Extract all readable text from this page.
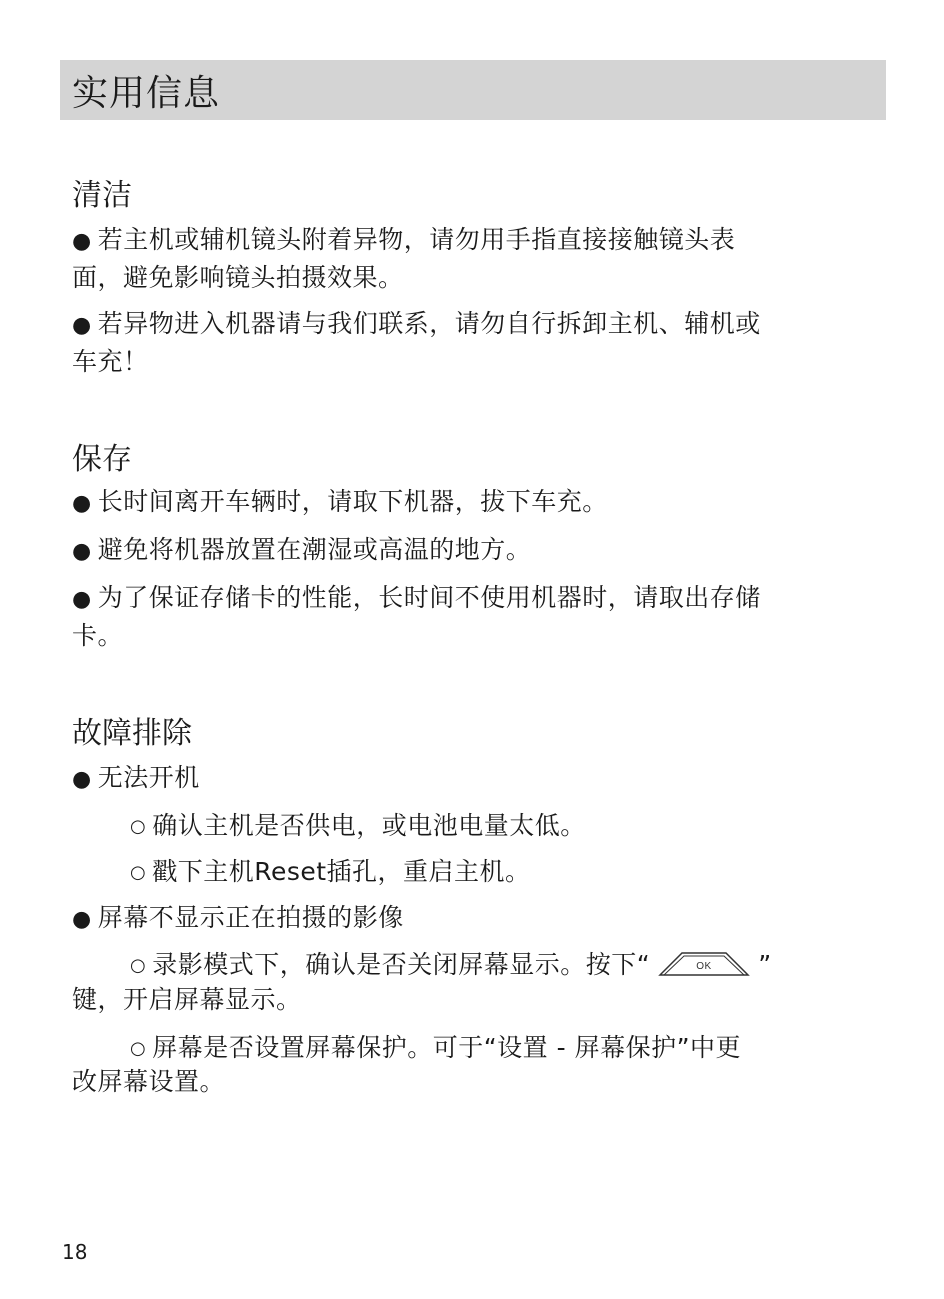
实用信息
清洁
● 若主机或辅机镜头附着异物，请勿用手指直接接触镜头表
面，避免影响镜头拍摄效果。
● 若异物进入机器请与我们联系，请勿自行拆卸主机、辅机或
车充！
保存
● 长时间离开车辆时，请取下机器，拔下车充。
● 避免将机器放置在潮湿或高温的地方。
● 为了保证存储卡的性能，长时间不使用机器时，请取出存储
卡。
故障排除
● 无法开机
○ 确认主机是否供电，或电池电量太低。
○ 戳下主机Reset插孔，重启主机。
● 屏幕不显示正在拍摄的影像
○ 录影模式下，确认是否关闭屏幕显示。按下“	OK ”
键，开启屏幕显示。
○ 屏幕是否设置屏幕保护。可于“设置 - 屏幕保护”中更
改屏幕设置。
18
